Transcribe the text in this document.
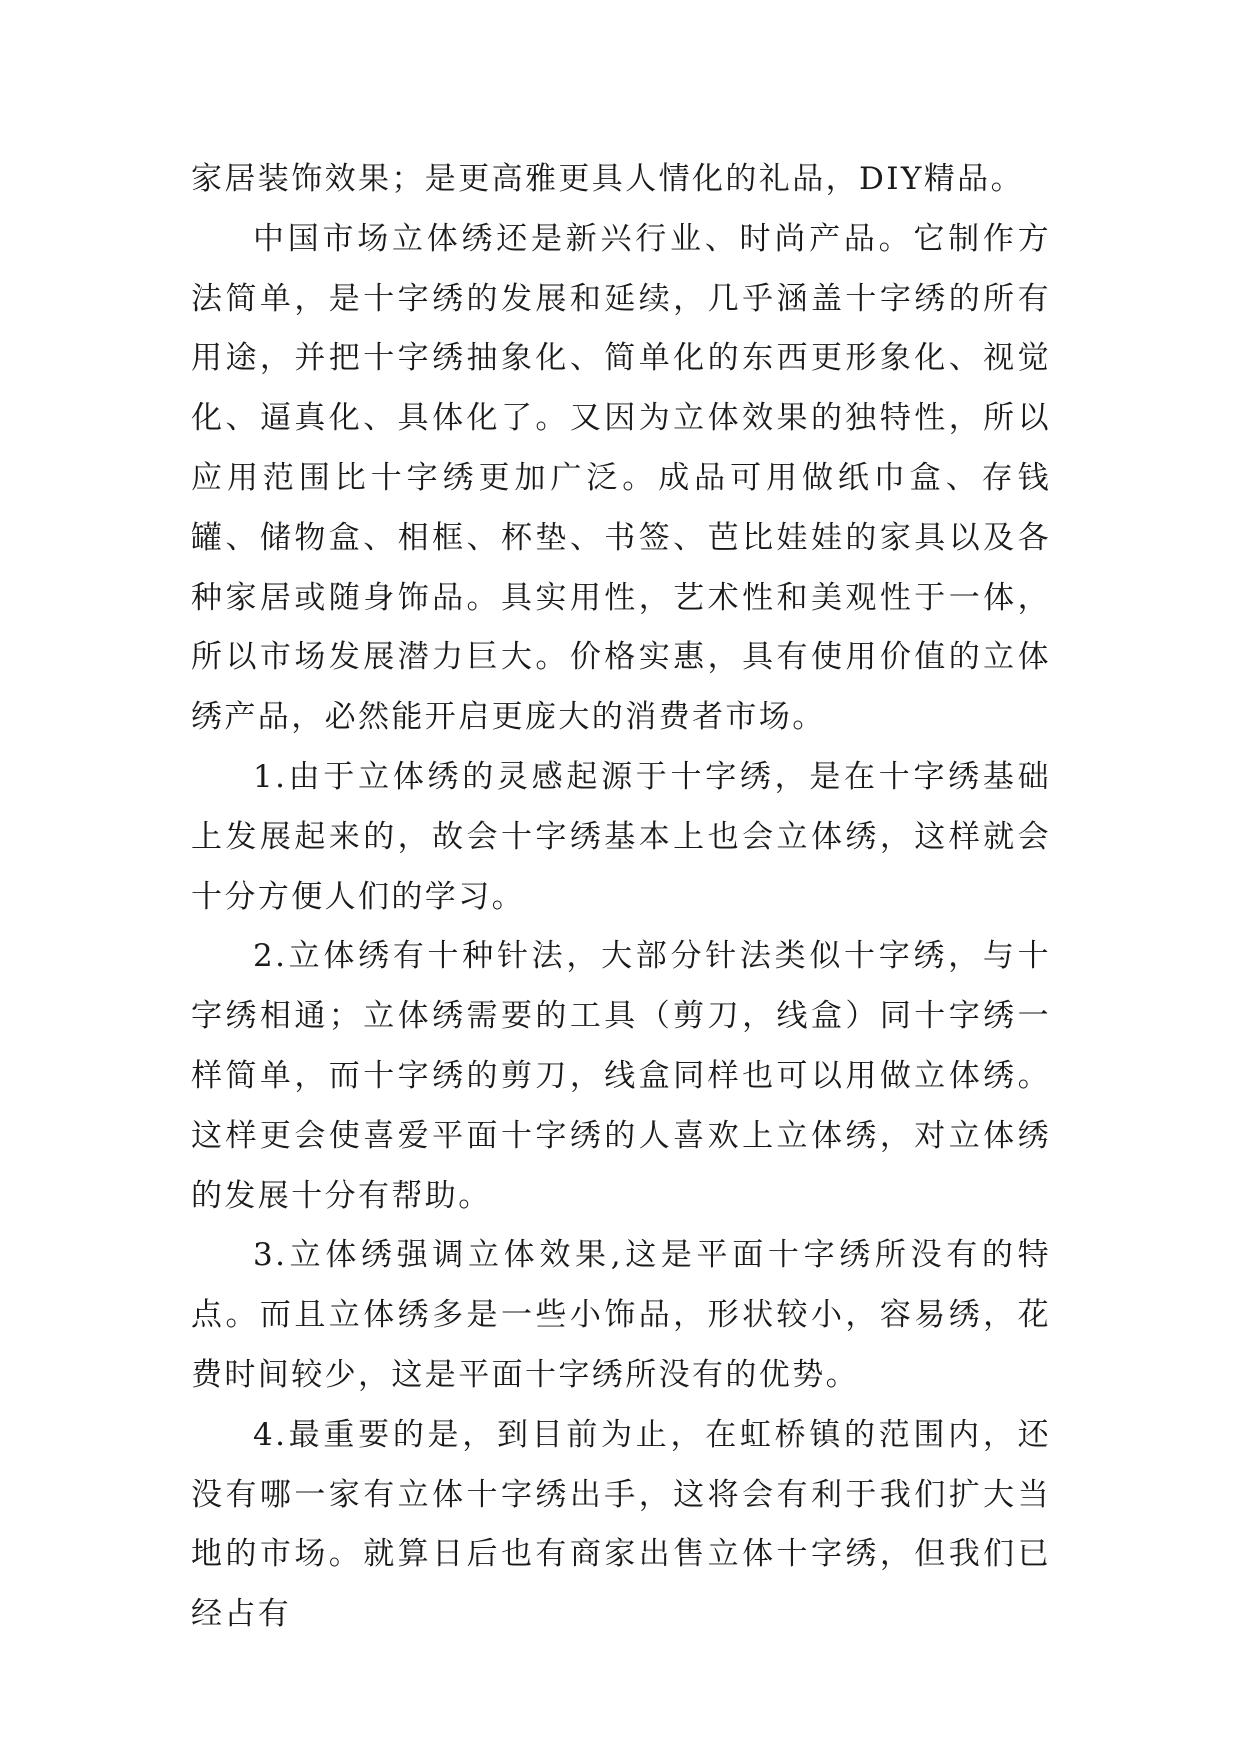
家居装饰效果；是更高雅更具人情化的礼品，DIY精品。

中国市场立体绣还是新兴行业、时尚产品。它制作方法简单，是十字绣的发展和延续，几乎涵盖十字绣的所有用途，并把十字绣抽象化、简单化的东西更形象化、视觉化、逼真化、具体化了。又因为立体效果的独特性，所以应用范围比十字绣更加广泛。成品可用做纸巾盒、存钱罐、储物盒、相框、杯垫、书签、芭比娃娃的家具以及各种家居或随身饰品。具实用性，艺术性和美观性于一体，所以市场发展潜力巨大。价格实惠，具有使用价值的立体绣产品，必然能开启更庞大的消费者市场。

1.由于立体绣的灵感起源于十字绣，是在十字绣基础上发展起来的，故会十字绣基本上也会立体绣，这样就会十分方便人们的学习。

2.立体绣有十种针法，大部分针法类似十字绣，与十字绣相通；立体绣需要的工具（剪刀，线盒）同十字绣一样简单，而十字绣的剪刀，线盒同样也可以用做立体绣。这样更会使喜爱平面十字绣的人喜欢上立体绣，对立体绣的发展十分有帮助。

3.立体绣强调立体效果,这是平面十字绣所没有的特点。而且立体绣多是一些小饰品，形状较小，容易绣，花费时间较少，这是平面十字绣所没有的优势。

4.最重要的是，到目前为止，在虹桥镇的范围内，还没有哪一家有立体十字绣出手，这将会有利于我们扩大当地的市场。就算日后也有商家出售立体十字绣，但我们已经占有
